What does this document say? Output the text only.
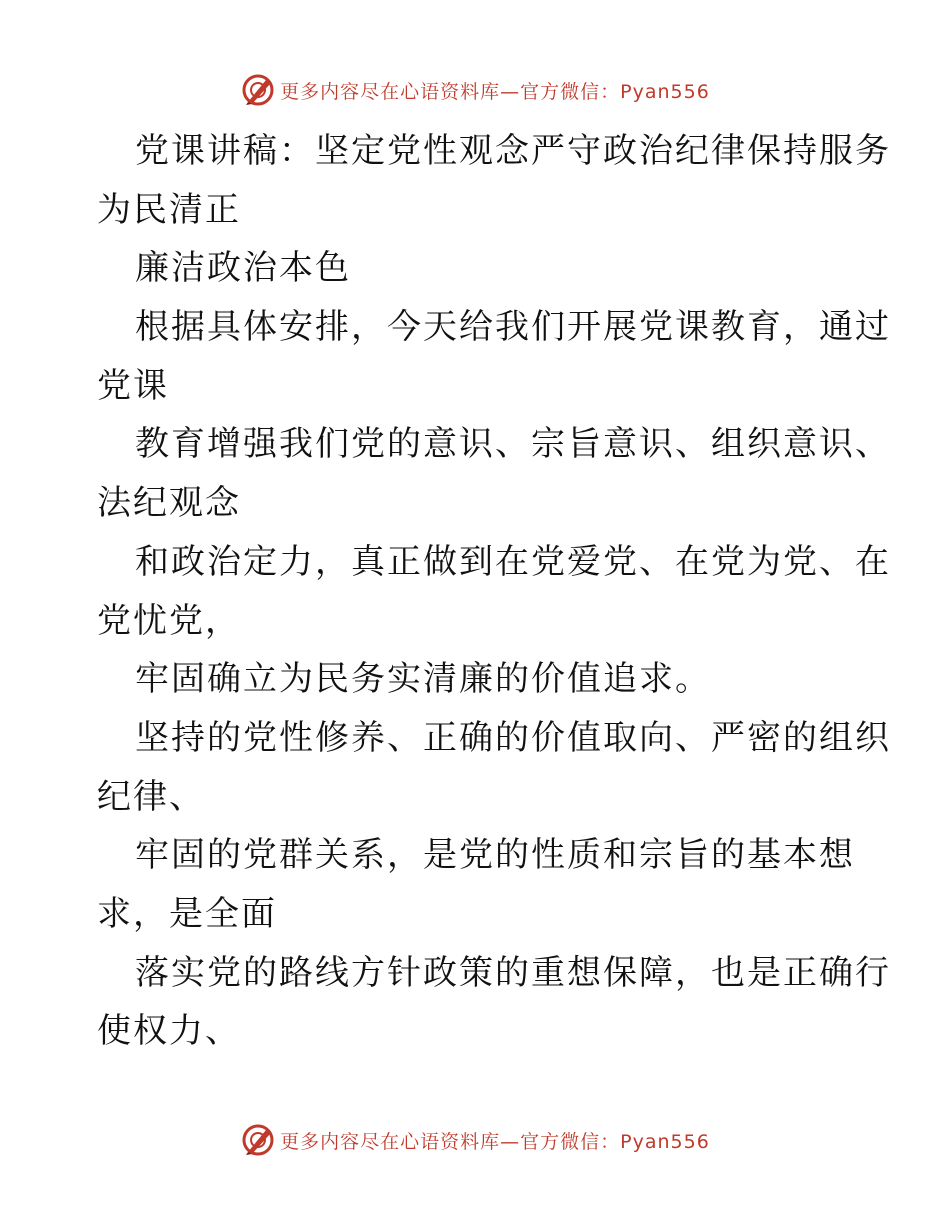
更多内容尽在心语资料库—官方微信：Pyan556
党课讲稿：坚定党性观念严守政治纪律保持服务
为民清正
廉洁政治本色
根据具体安排，今天给我们开展党课教育，通过
党课
教育增强我们党的意识、宗旨意识、组织意识、
法纪观念
和政治定力，真正做到在党爱党、在党为党、在
党忧党，
牢固确立为民务实清廉的价值追求。
坚持的党性修养、正确的价值取向、严密的组织
纪律、
牢固的党群关系，是党的性质和宗旨的基本想
求，是全面
落实党的路线方针政策的重想保障，也是正确行
使权力、
更多内容尽在心语资料库—官方微信：Pyan556
